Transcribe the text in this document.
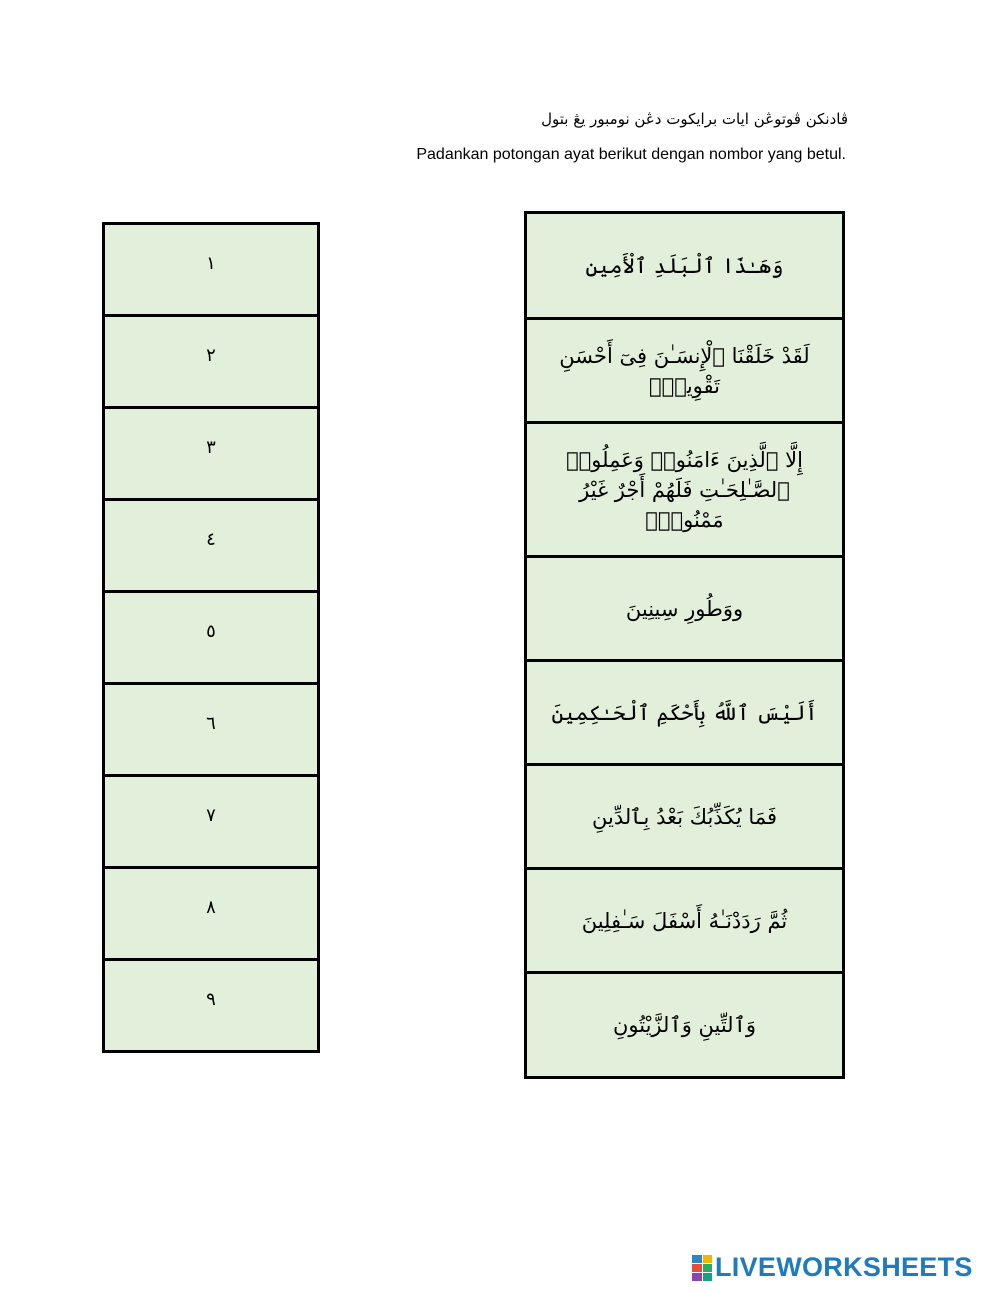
ڤادنكن ڤوتوڠن ايات برايكوت دڠن نومبور يڠ بتول
Padankan potongan ayat berikut dengan nombor yang betul.
١
٢
٣
٤
٥
٦
٧
٨
٩
وَهَـٰذَا ٱلْبَلَدِ ٱلْأَمِينِ
لَقَدْ خَلَقْنَا ٱلْإِنسَـٰنَ فِىٓ أَحْسَنِ تَقْوِيمٍۢ
إِلَّا ٱلَّذِينَ ءَامَنُوا۟ وَعَمِلُوا۟ ٱلصَّـٰلِحَـٰتِ فَلَهُمْ أَجْرٌ غَيْرُ مَمْنُونٍۢ
ووَطُورِ سِينِينَ
أَلَيْسَ ٱللَّهُ بِأَحْكَمِ ٱلْحَـٰكِمِينَ
فَمَا يُكَذِّبُكَ بَعْدُ بِٱلدِّينِ
ثُمَّ رَدَدْنَـٰهُ أَسْفَلَ سَـٰفِلِينَ
وَٱلتِّينِ وَٱلزَّيْتُونِ
LIVEWORKSHEETS
